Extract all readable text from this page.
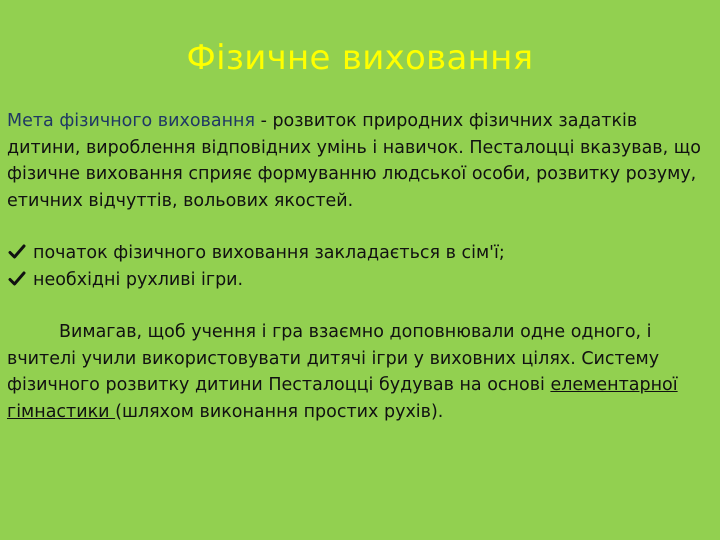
Фізичне виховання

Мета фізичного виховання - розвиток природних фізичних задатків дитини, вироблення відповідних умінь і навичок. Песталоцці вказував, що фізичне виховання сприяє формуванню людської особи, розвитку розуму, етичних відчуттів, вольових якостей.

початок фізичного виховання закладається в сім'ї;
необхідні рухливі ігри.

Вимагав, щоб учення і гра взаємно доповнювали одне одного, і вчителі учили використовувати дитячі ігри у виховних цілях. Систему фізичного розвитку дитини Песталоцці будував на основі елементарної гімнастики (шляхом виконання простих рухів).
